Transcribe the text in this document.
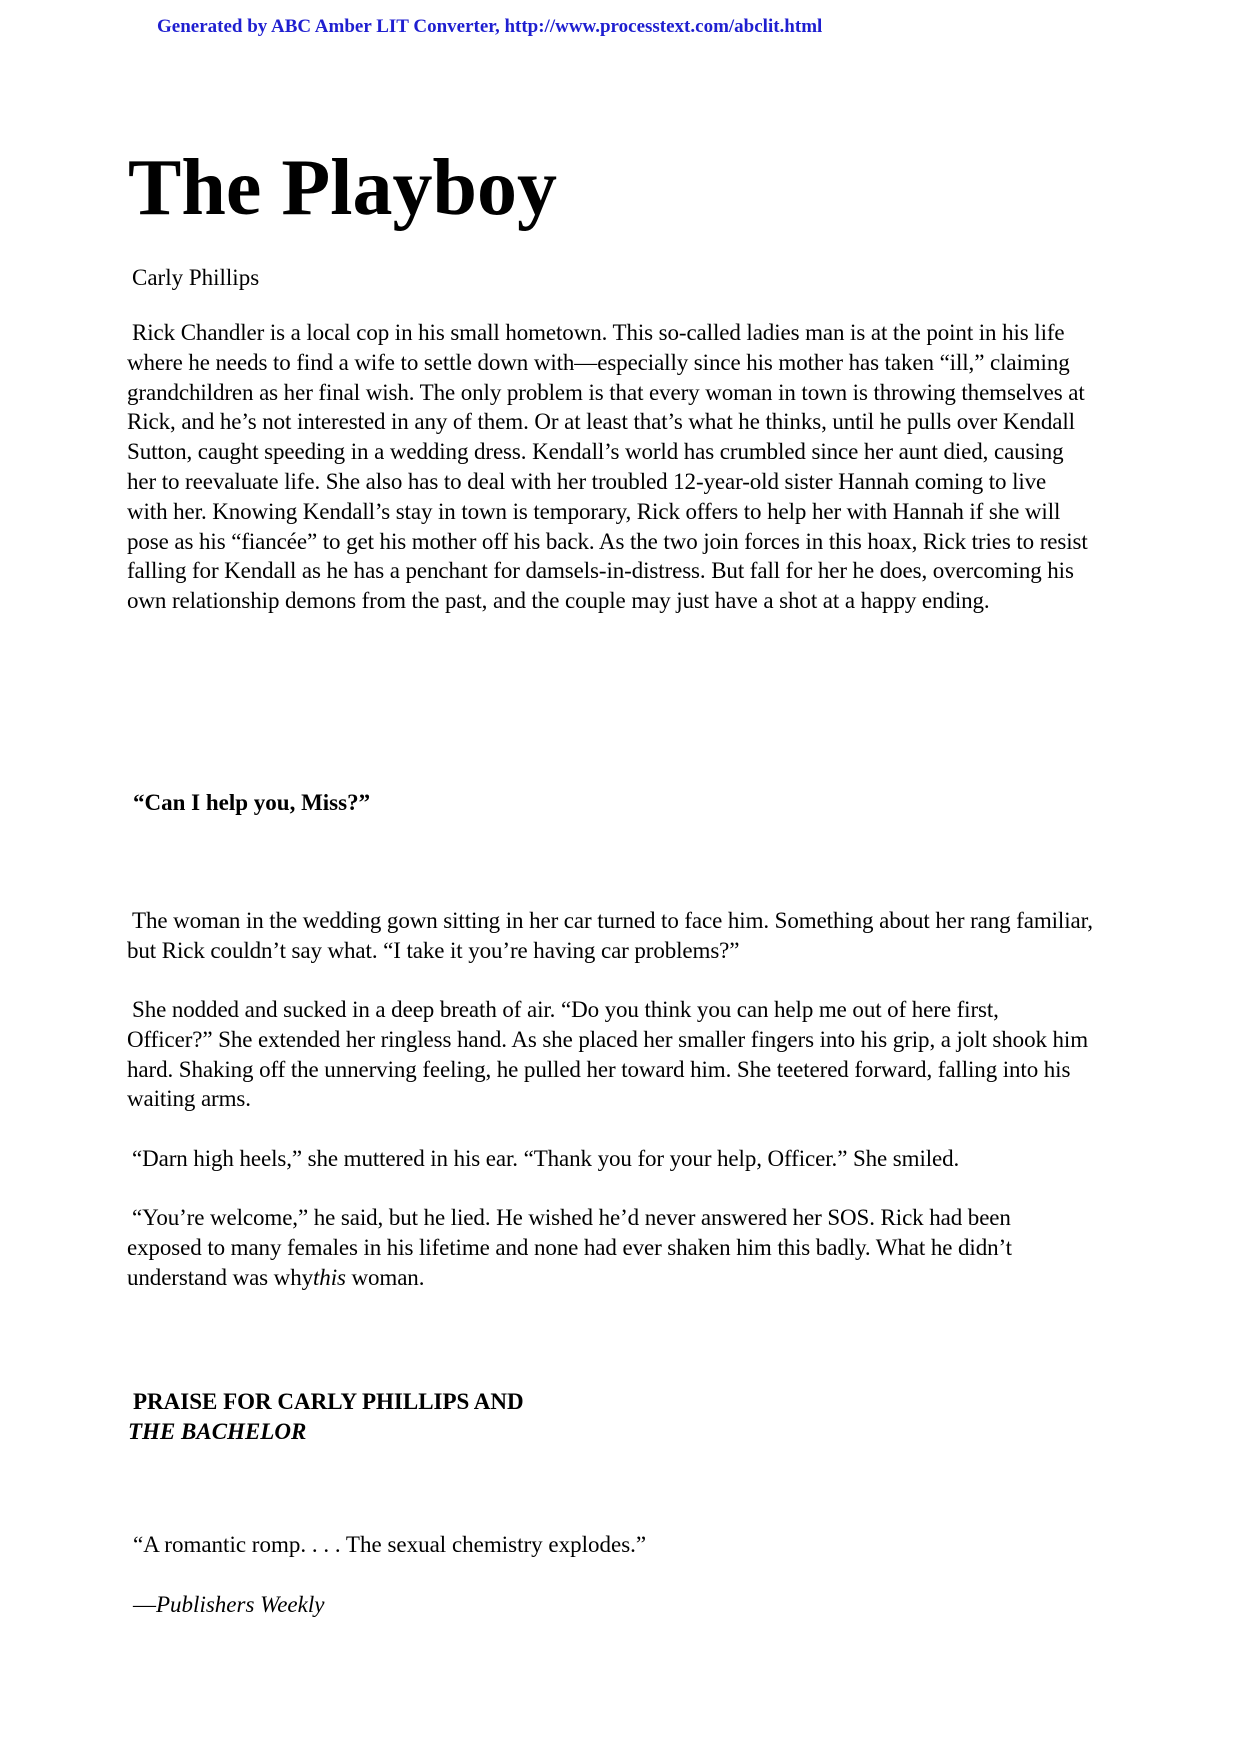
Generated by ABC Amber LIT Converter, http://www.processtext.com/abclit.html
The Playboy
Carly Phillips

Rick Chandler is a local cop in his small hometown. This so-called ladies man is at the point in his life
where he needs to find a wife to settle down with—especially since his mother has taken “ill,” claiming
grandchildren as her final wish. The only problem is that every woman in town is throwing themselves at
Rick, and he’s not interested in any of them. Or at least that’s what he thinks, until he pulls over Kendall
Sutton, caught speeding in a wedding dress. Kendall’s world has crumbled since her aunt died, causing
her to reevaluate life. She also has to deal with her troubled 12-year-old sister Hannah coming to live
with her. Knowing Kendall’s stay in town is temporary, Rick offers to help her with Hannah if she will
pose as his “fiancée” to get his mother off his back. As the two join forces in this hoax, Rick tries to resist
falling for Kendall as he has a penchant for damsels-in-distress. But fall for her he does, overcoming his
own relationship demons from the past, and the couple may just have a shot at a happy ending.

“Can I help you, Miss?”

The woman in the wedding gown sitting in her car turned to face him. Something about her rang familiar,
but Rick couldn’t say what. “I take it you’re having car problems?”

She nodded and sucked in a deep breath of air. “Do you think you can help me out of here first,
Officer?” She extended her ringless hand. As she placed her smaller fingers into his grip, a jolt shook him
hard. Shaking off the unnerving feeling, he pulled her toward him. She teetered forward, falling into his
waiting arms.

“Darn high heels,” she muttered in his ear. “Thank you for your help, Officer.” She smiled.

“You’re welcome,” he said, but he lied. He wished he’d never answered her SOS. Rick had been
exposed to many females in his lifetime and none had ever shaken him this badly. What he didn’t
understand was whythis woman.

PRAISE FOR CARLY PHILLIPS AND
THE BACHELOR
“A romantic romp. . . . The sexual chemistry explodes.”
—Publishers Weekly
